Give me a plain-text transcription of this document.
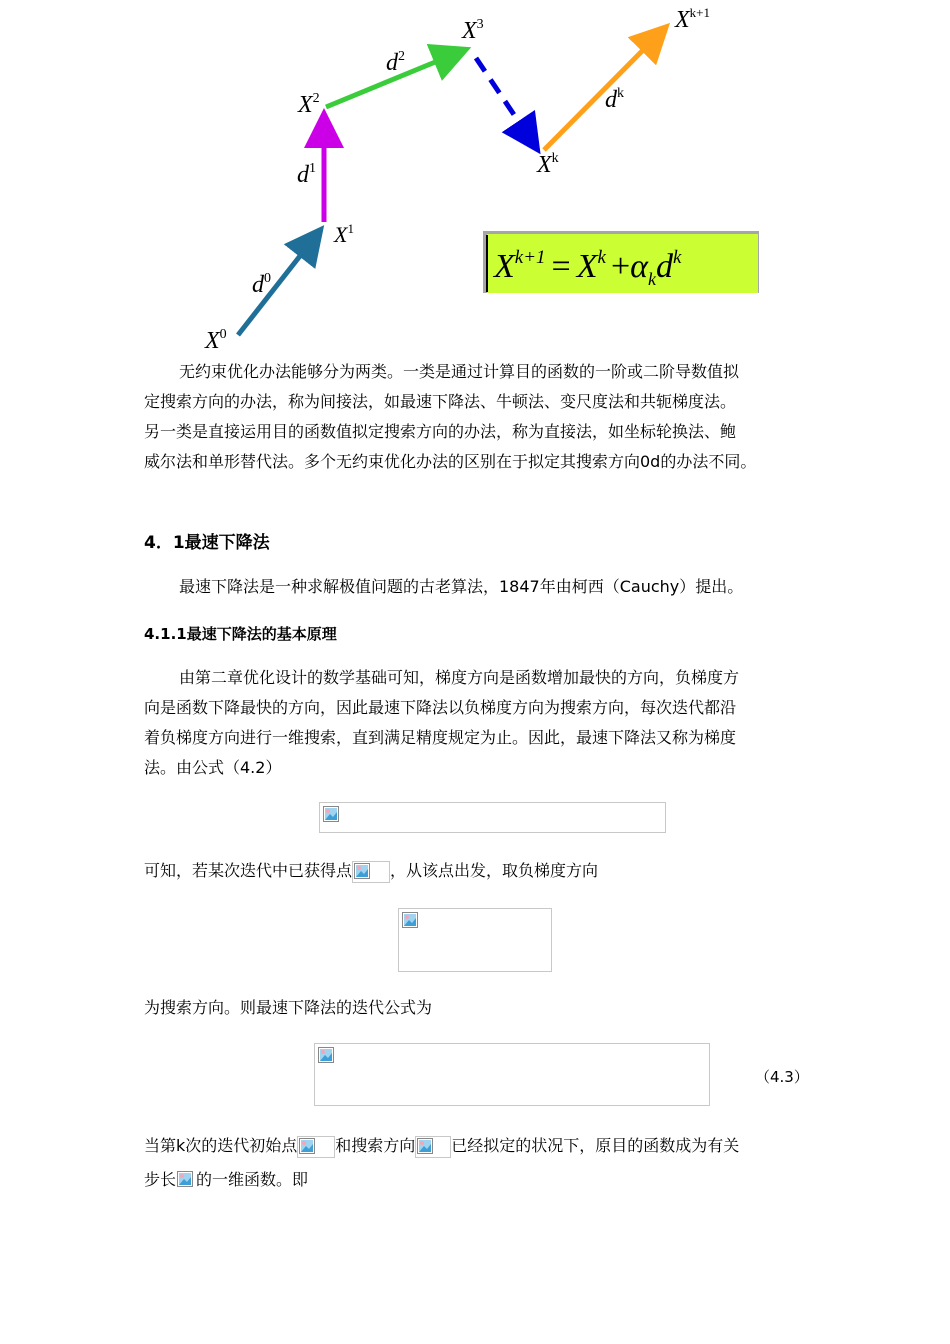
$X^0$
$d^0$
$X^1$
$d^1$
$X^2$
$d^2$
$X^3$
$X^k$
$d^k$
$X^{k+1}$
$X^{k+1} = X^k +\alpha_kd^k$
无约束优化办法能够分为两类。一类是通过计算目的函数的一阶或二阶导数值拟
定搜索方向的办法，称为间接法，如最速下降法、牛顿法、变尺度法和共轭梯度法。
另一类是直接运用目的函数值拟定搜索方向的办法，称为直接法，如坐标轮换法、鲍
威尔法和单形替代法。多个无约束优化办法的区别在于拟定其搜索方向0d的办法不同。
4．1最速下降法
最速下降法是一种求解极值问题的古老算法，1847年由柯西（Cauchy）提出。
4.1.1最速下降法的基本原理
由第二章优化设计的数学基础可知，梯度方向是函数增加最快的方向，负梯度方
向是函数下降最快的方向，因此最速下降法以负梯度方向为搜索方向，每次迭代都沿
着负梯度方向进行一维搜索，直到满足精度规定为止。因此，最速下降法又称为梯度
法。由公式（4.2）
可知，若某次迭代中已获得点 ，从该点出发，取负梯度方向
为搜索方向。则最速下降法的迭代公式为
（4.3）
当第k次的迭代初始点 和搜索方向 已经拟定的状况下，原目的函数成为有关
步长 的一维函数。即
